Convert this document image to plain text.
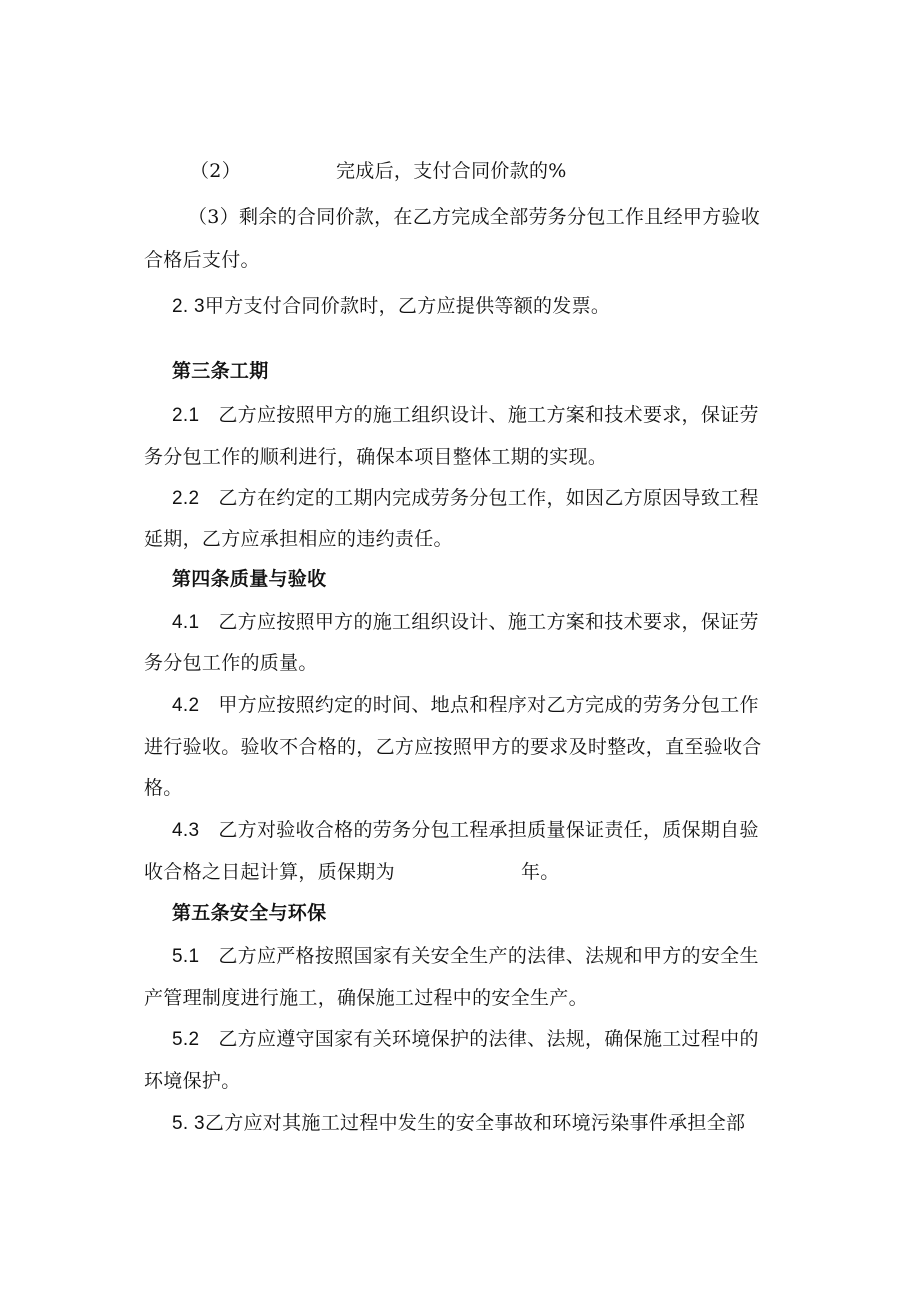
（2）	完成后，支付合同价款的%
（3）剩余的合同价款，在乙方完成全部劳务分包工作且经甲方验收
合格后支付。
2. 3甲方支付合同价款时，乙方应提供等额的发票。
第三条工期
2.1 乙方应按照甲方的施工组织设计、施工方案和技术要求，保证劳
务分包工作的顺利进行，确保本项目整体工期的实现。
2.2 乙方在约定的工期内完成劳务分包工作，如因乙方原因导致工程
延期，乙方应承担相应的违约责任。
第四条质量与验收
4.1 乙方应按照甲方的施工组织设计、施工方案和技术要求，保证劳
务分包工作的质量。
4.2 甲方应按照约定的时间、地点和程序对乙方完成的劳务分包工作
进行验收。验收不合格的，乙方应按照甲方的要求及时整改，直至验收合
格。
4.3 乙方对验收合格的劳务分包工程承担质量保证责任，质保期自验
收合格之日起计算，质保期为	年。
第五条安全与环保
5.1 乙方应严格按照国家有关安全生产的法律、法规和甲方的安全生
产管理制度进行施工，确保施工过程中的安全生产。
5.2 乙方应遵守国家有关环境保护的法律、法规，确保施工过程中的
环境保护。
5. 3乙方应对其施工过程中发生的安全事故和环境污染事件承担全部
